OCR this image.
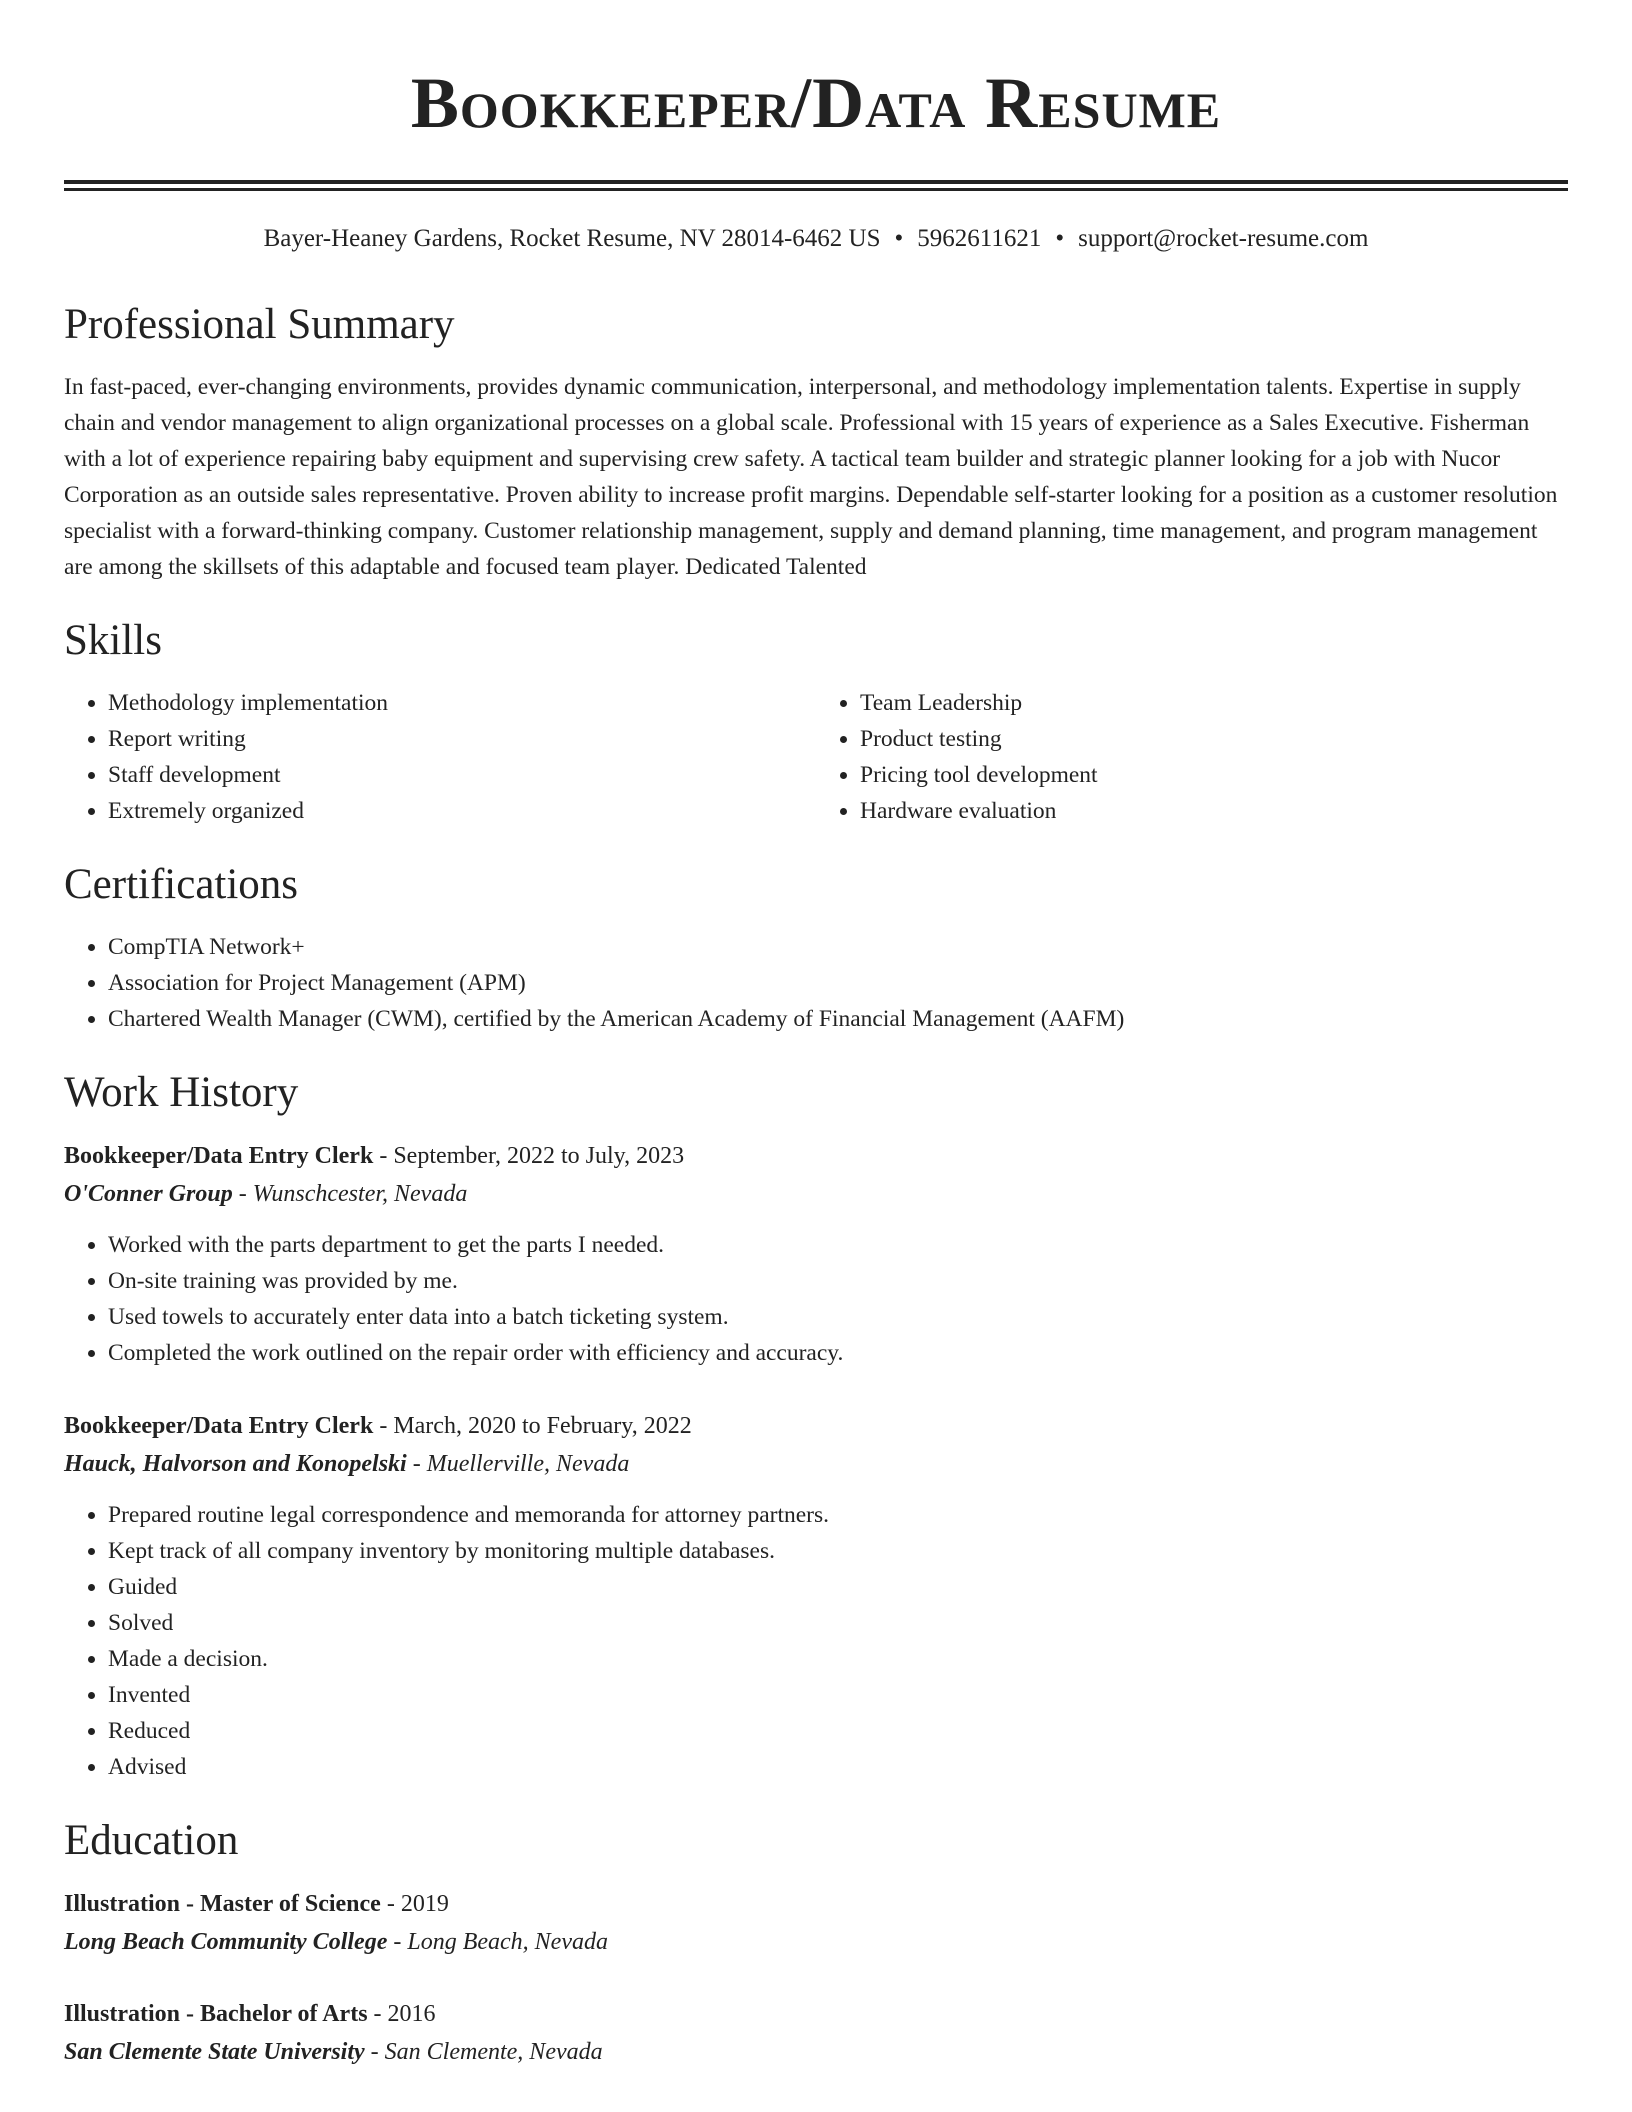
Bookkeeper/Data Resume
Bayer-Heaney Gardens, Rocket Resume, NV 28014-6462 US • 5962611621 • support@rocket-resume.com
Professional Summary

In fast-paced, ever-changing environments, provides dynamic communication, interpersonal, and methodology implementation talents. Expertise in supply chain and vendor management to align organizational processes on a global scale. Professional with 15 years of experience as a Sales Executive. Fisherman with a lot of experience repairing baby equipment and supervising crew safety. A tactical team builder and strategic planner looking for a job with Nucor Corporation as an outside sales representative. Proven ability to increase profit margins. Dependable self-starter looking for a position as a customer resolution specialist with a forward-thinking company. Customer relationship management, supply and demand planning, time management, and program management are among the skillsets of this adaptable and focused team player. Dedicated Talented

Skills
• Methodology implementation
• Report writing
• Staff development
• Extremely organized
• Team Leadership
• Product testing
• Pricing tool development
• Hardware evaluation
Certifications
• CompTIA Network+
• Association for Project Management (APM)
• Chartered Wealth Manager (CWM), certified by the American Academy of Financial Management (AAFM)
Work History
Bookkeeper/Data Entry Clerk - September, 2022 to July, 2023
O'Conner Group - Wunschcester, Nevada
• Worked with the parts department to get the parts I needed.
• On-site training was provided by me.
• Used towels to accurately enter data into a batch ticketing system.
• Completed the work outlined on the repair order with efficiency and accuracy.
Bookkeeper/Data Entry Clerk - March, 2020 to February, 2022
Hauck, Halvorson and Konopelski - Muellerville, Nevada
• Prepared routine legal correspondence and memoranda for attorney partners.
• Kept track of all company inventory by monitoring multiple databases.
• Guided
• Solved
• Made a decision.
• Invented
• Reduced
• Advised
Education
Illustration - Master of Science - 2019
Long Beach Community College - Long Beach, Nevada
Illustration - Bachelor of Arts - 2016
San Clemente State University - San Clemente, Nevada
